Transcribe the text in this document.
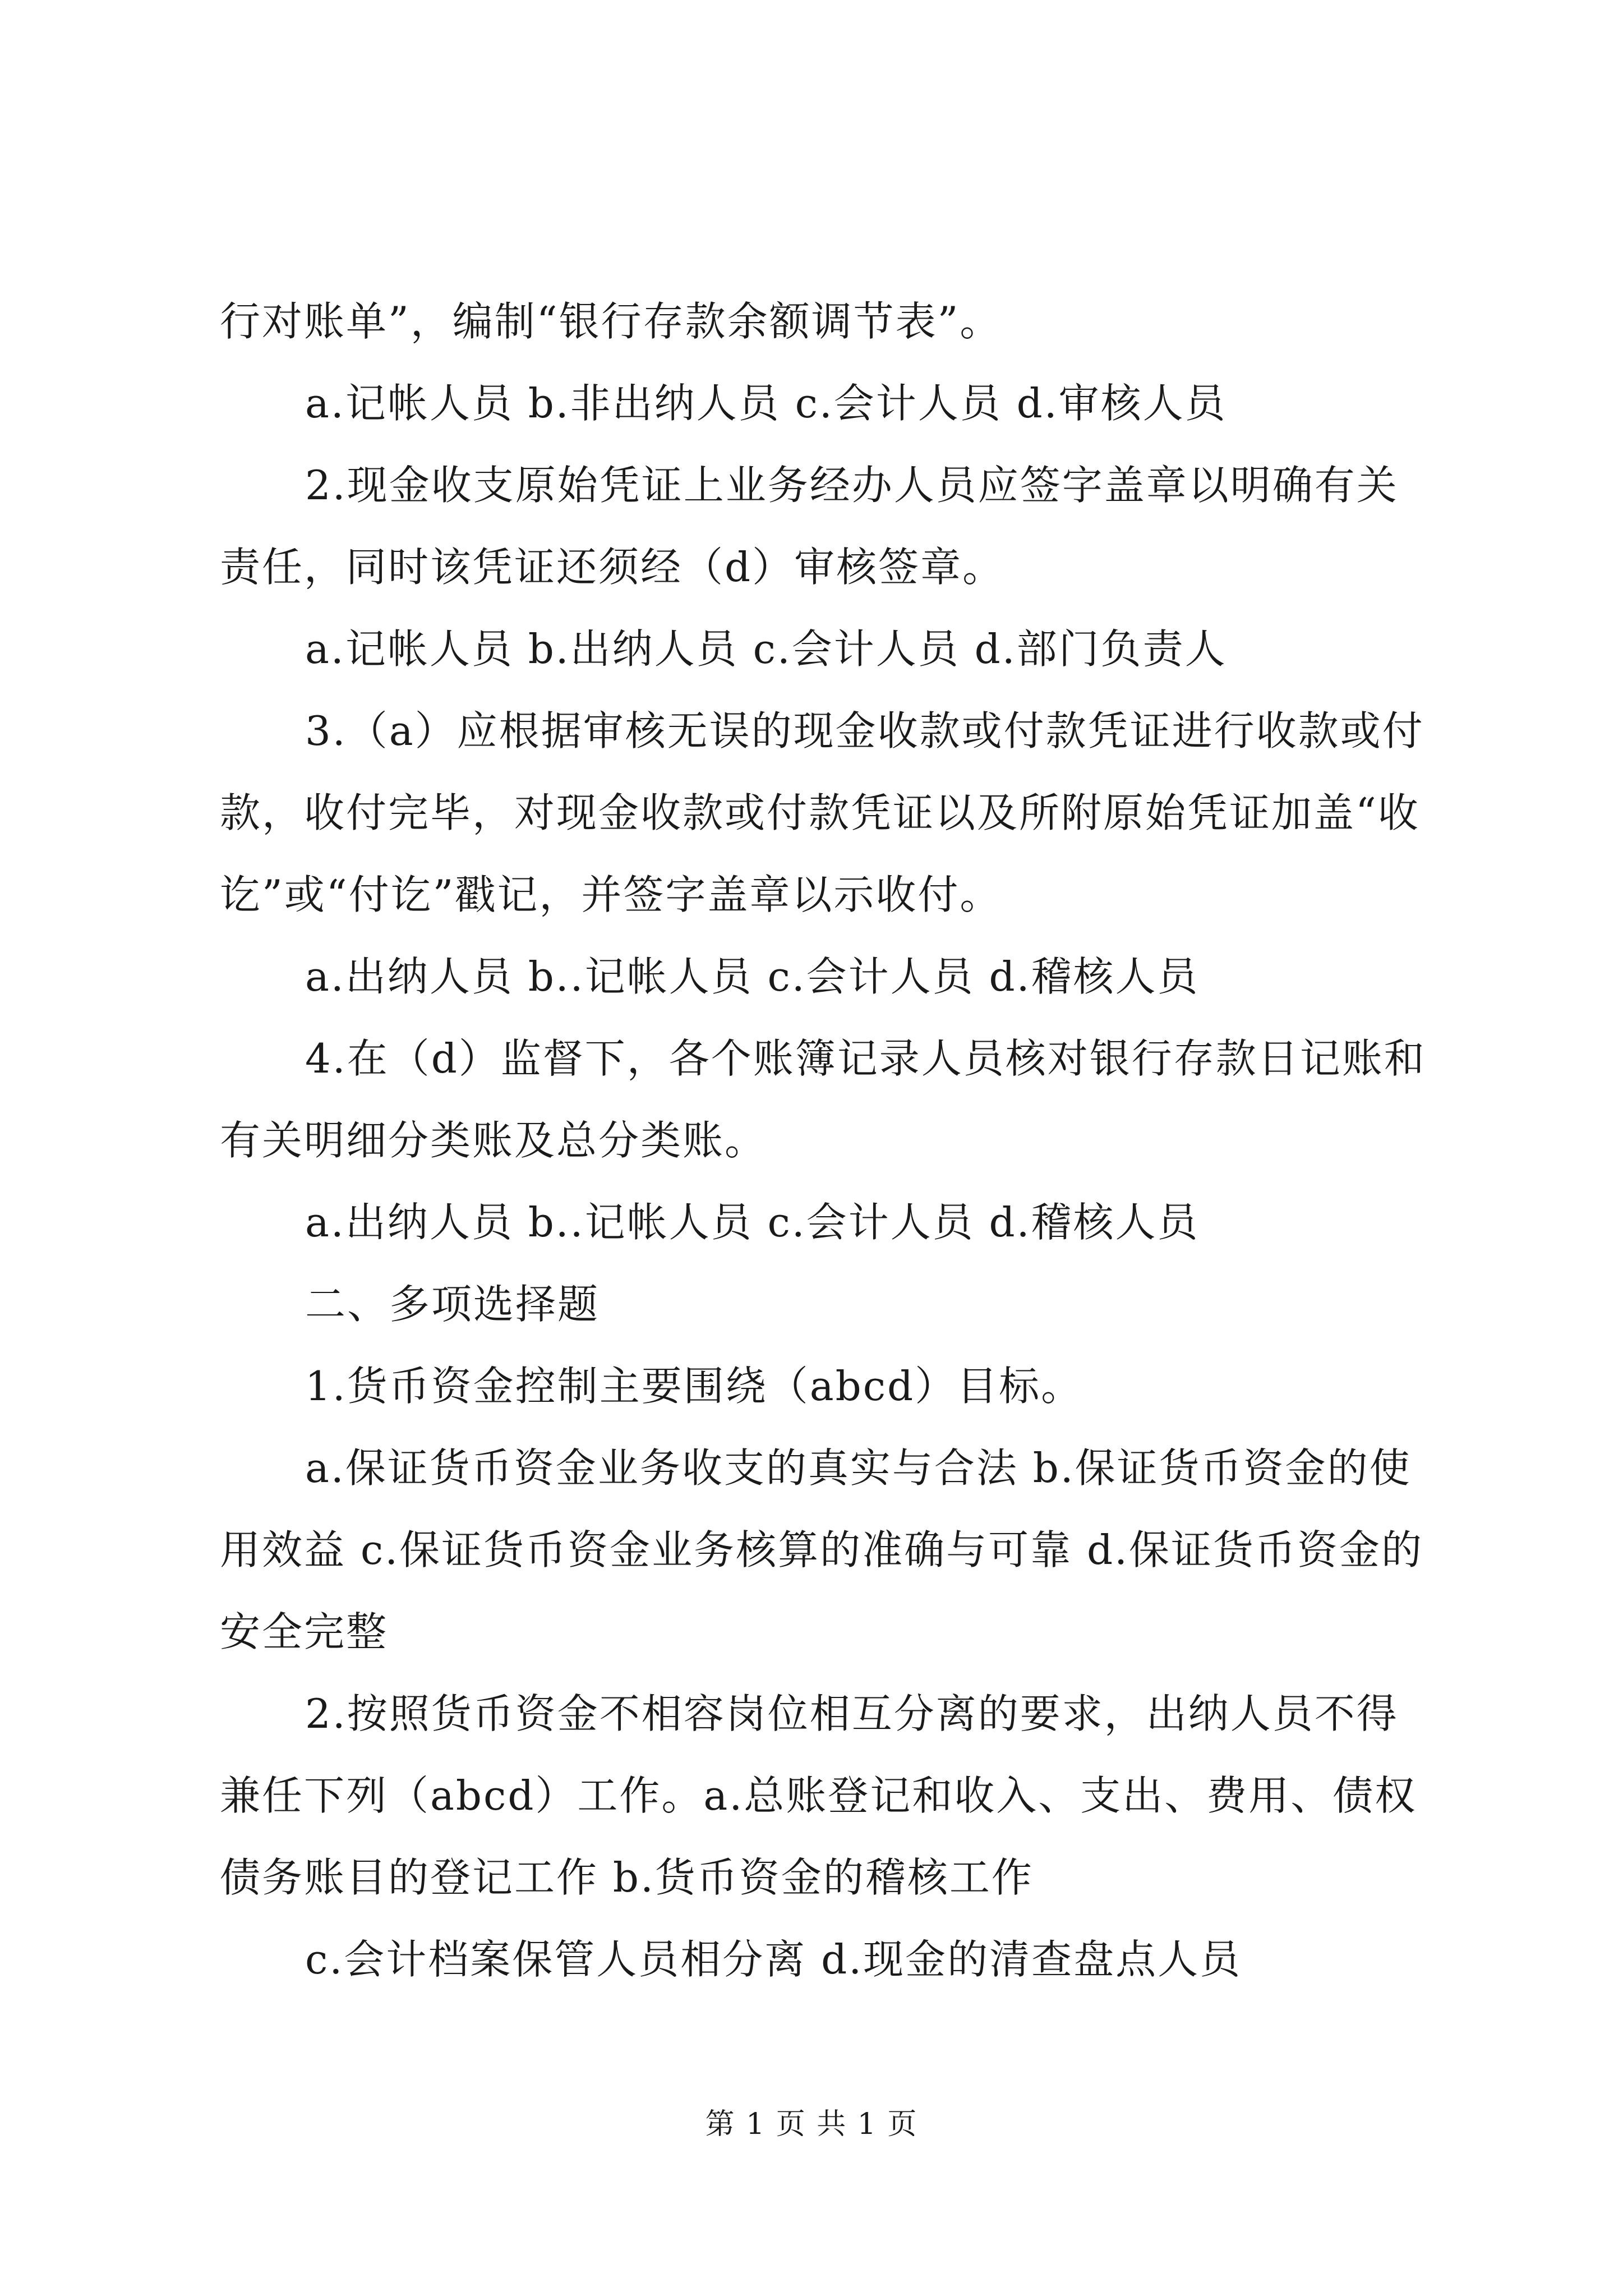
行对账单”，编制“银行存款余额调节表”。

a.记帐人员 b.非出纳人员 c.会计人员 d.审核人员

2.现金收支原始凭证上业务经办人员应签字盖章以明确有关责任，同时该凭证还须经（d）审核签章。

a.记帐人员 b.出纳人员 c.会计人员 d.部门负责人

3.（a）应根据审核无误的现金收款或付款凭证进行收款或付款，收付完毕，对现金收款或付款凭证以及所附原始凭证加盖“收讫”或“付讫”戳记，并签字盖章以示收付。

a.出纳人员 b..记帐人员 c.会计人员 d.稽核人员

4.在（d）监督下，各个账簿记录人员核对银行存款日记账和有关明细分类账及总分类账。

a.出纳人员 b..记帐人员 c.会计人员 d.稽核人员

二、多项选择题

1.货币资金控制主要围绕（abcd）目标。

a.保证货币资金业务收支的真实与合法 b.保证货币资金的使用效益 c.保证货币资金业务核算的准确与可靠 d.保证货币资金的安全完整

2.按照货币资金不相容岗位相互分离的要求，出纳人员不得兼任下列（abcd）工作。a.总账登记和收入、支出、费用、债权债务账目的登记工作 b.货币资金的稽核工作

c.会计档案保管人员相分离 d.现金的清查盘点人员

第 1 页 共 1 页
